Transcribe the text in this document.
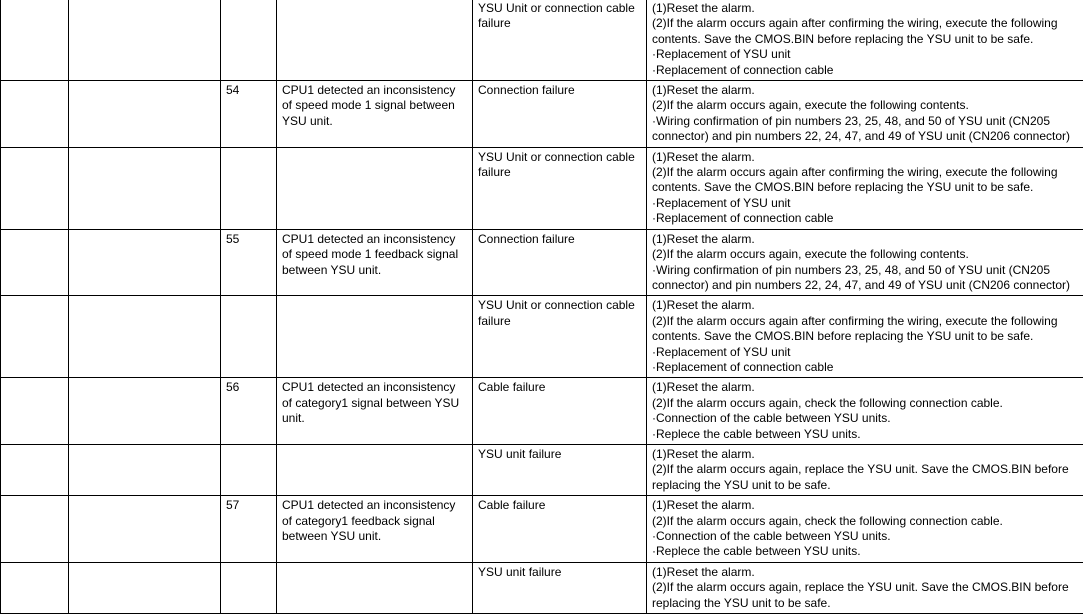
				YSU Unit or connection cable failure	(1)Reset the alarm.
(2)If the alarm occurs again after confirming the wiring, execute the following contents. Save the CMOS.BIN before replacing the YSU unit to be safe.
·Replacement of YSU unit
·Replacement of connection cable
		54	CPU1 detected an inconsistency of speed mode 1 signal between YSU unit.	Connection failure	(1)Reset the alarm.
(2)If the alarm occurs again, execute the following contents.
·Wiring confirmation of pin numbers 23, 25, 48, and 50 of YSU unit (CN205 connector) and pin numbers 22, 24, 47, and 49 of YSU unit (CN206 connector)
				YSU Unit or connection cable failure	(1)Reset the alarm.
(2)If the alarm occurs again after confirming the wiring, execute the following contents. Save the CMOS.BIN before replacing the YSU unit to be safe.
·Replacement of YSU unit
·Replacement of connection cable
		55	CPU1 detected an inconsistency of speed mode 1 feedback signal between YSU unit.	Connection failure	(1)Reset the alarm.
(2)If the alarm occurs again, execute the following contents.
·Wiring confirmation of pin numbers 23, 25, 48, and 50 of YSU unit (CN205 connector) and pin numbers 22, 24, 47, and 49 of YSU unit (CN206 connector)
				YSU Unit or connection cable failure	(1)Reset the alarm.
(2)If the alarm occurs again after confirming the wiring, execute the following contents. Save the CMOS.BIN before replacing the YSU unit to be safe.
·Replacement of YSU unit
·Replacement of connection cable
		56	CPU1 detected an inconsistency of category1 signal between YSU unit.	Cable failure	(1)Reset the alarm.
(2)If the alarm occurs again, check the following connection cable.
·Connection of the cable between YSU units.
·Replece the cable between YSU units.
				YSU unit failure	(1)Reset the alarm.
(2)If the alarm occurs again, replace the YSU unit. Save the CMOS.BIN before replacing the YSU unit to be safe.
		57	CPU1 detected an inconsistency of category1 feedback signal between YSU unit.	Cable failure	(1)Reset the alarm.
(2)If the alarm occurs again, check the following connection cable.
·Connection of the cable between YSU units.
·Replece the cable between YSU units.
				YSU unit failure	(1)Reset the alarm.
(2)If the alarm occurs again, replace the YSU unit. Save the CMOS.BIN before replacing the YSU unit to be safe.
